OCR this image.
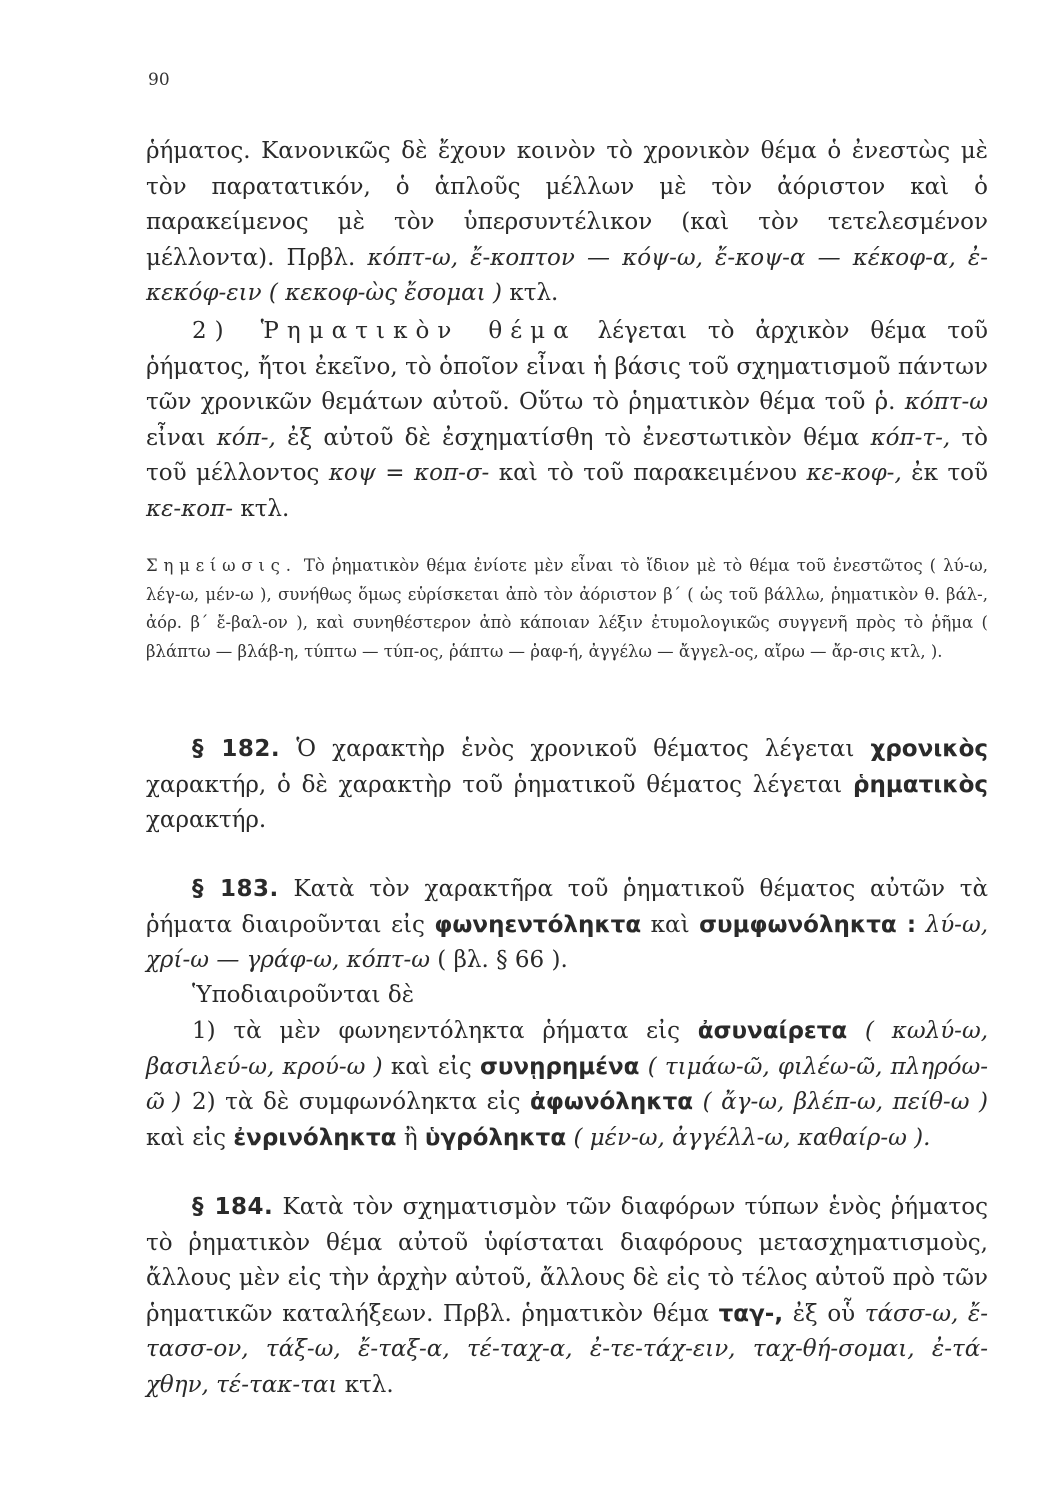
90

ῥήματος. Κανονικῶς δὲ ἔχουν κοινὸν τὸ χρονικὸν θέμα ὁ ἐνεστὼς μὲ τὸν παρατατικόν, ὁ ἁπλοῦς μέλλων μὲ τὸν ἀόριστον καὶ ὁ παρακείμενος μὲ τὸν ὑπερσυντέλικον (καὶ τὸν τετελεσμένον μέλλοντα). Πρβλ. κόπτ-ω, ἔ-κοπτον — κόψ-ω, ἔ-κοψ-α — κέκοφ-α, ἐ-κεκόφ-ειν ( κεκοφ-ὼς ἔσομαι ) κτλ.

2) Ῥηματικὸν θέμα λέγεται τὸ ἀρχικὸν θέμα τοῦ ῥήματος, ἤτοι ἐκεῖνο, τὸ ὁποῖον εἶναι ἡ βάσις τοῦ σχηματισμοῦ πάντων τῶν χρονικῶν θεμάτων αὐτοῦ. Οὕτω τὸ ῥηματικὸν θέμα τοῦ ῥ. κόπτ-ω εἶναι κόπ-, ἐξ αὐτοῦ δὲ ἐσχηματίσθη τὸ ἐνεστωτικὸν θέμα κόπ-τ-, τὸ τοῦ μέλλοντος κοψ = κοπ-σ- καὶ τὸ τοῦ παρακειμένου κε-κοφ-, ἐκ τοῦ κε-κοπ- κτλ.

Σημείωσις. Τὸ ῥηματικὸν θέμα ἐνίοτε μὲν εἶναι τὸ ἴδιον μὲ τὸ θέμα τοῦ ἐνεστῶτος ( λύ-ω, λέγ-ω, μέν-ω ), συνήθως ὅμως εὑρίσκεται ἀπὸ τὸν ἀόριστον β΄ ( ὡς τοῦ βάλλω, ῥηματικὸν θ. βάλ-, ἀόρ. β΄ ἔ-βαλ-ον ), καὶ συνηθέστερον ἀπὸ κάποιαν λέξιν ἐτυμολογικῶς συγγενῆ πρὸς τὸ ῥῆμα ( βλάπτω — βλάβ-η, τύπτω — τύπ-ος, ῥάπτω — ῥαφ-ή, ἀγγέλω — ἄγγελ-ος, αἴρω — ἄρ-σις κτλ, ).

§ 182. Ὁ χαρακτὴρ ἑνὸς χρονικοῦ θέματος λέγεται χρονικὸς χαρακτήρ, ὁ δὲ χαρακτὴρ τοῦ ῥηματικοῦ θέματος λέγεται ῥηματικὸς χαρακτήρ.

§ 183. Κατὰ τὸν χαρακτῆρα τοῦ ῥηματικοῦ θέματος αὐτῶν τὰ ῥήματα διαιροῦνται εἰς φωνηεντόληκτα καὶ συμφωνόληκτα : λύ-ω, χρί-ω — γράφ-ω, κόπτ-ω ( βλ. § 66 ).

Ὑποδιαιροῦνται δὲ

1) τὰ μὲν φωνηεντόληκτα ῥήματα εἰς ἀσυναίρετα ( κωλύ-ω, βασιλεύ-ω, κρού-ω ) καὶ εἰς συνῃρημένα ( τιμάω-ῶ, φιλέω-ῶ, πληρόω-ῶ ) 2) τὰ δὲ συμφωνόληκτα εἰς ἀφωνόληκτα ( ἄγ-ω, βλέπ-ω, πείθ-ω ) καὶ εἰς ἐνρινόληκτα ἢ ὑγρόληκτα ( μέν-ω, ἀγγέλλ-ω, καθαίρ-ω ).

§ 184. Κατὰ τὸν σχηματισμὸν τῶν διαφόρων τύπων ἑνὸς ῥήματος τὸ ῥηματικὸν θέμα αὐτοῦ ὑφίσταται διαφόρους μετασχηματισμοὺς, ἄλλους μὲν εἰς τὴν ἀρχὴν αὐτοῦ, ἄλλους δὲ εἰς τὸ τέλος αὐτοῦ πρὸ τῶν ῥηματικῶν καταλήξεων. Πρβλ. ῥηματικὸν θέμα ταγ-, ἐξ οὗ τάσσ-ω, ἔ-τασσ-ον, τάξ-ω, ἔ-ταξ-α, τέ-ταχ-α, ἐ-τε-τάχ-ειν, ταχ-θή-σομαι, ἐ-τά-χθην, τέ-τακ-ται κτλ.
